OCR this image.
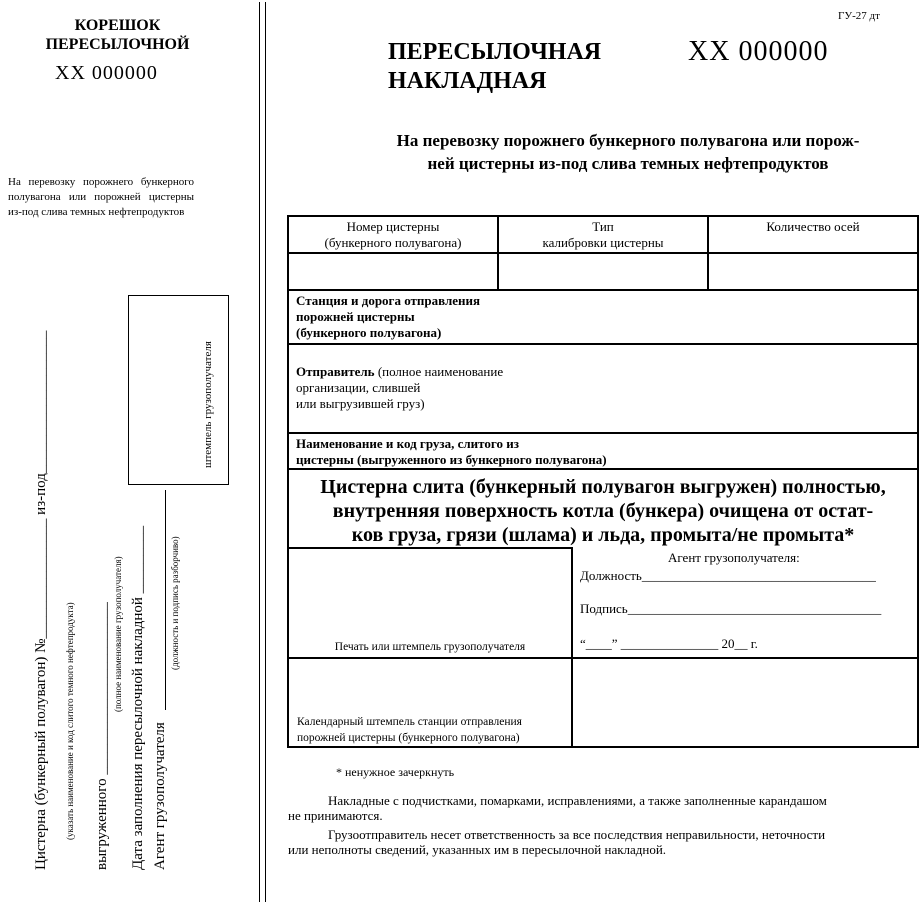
КОРЕШОК
ПЕРЕСЫЛОЧНОЙ
ХХ 000000
На перевозку порожнего бункерного полувагона или порожней цистерны из-под слива темных нефтепродуктов
Цистерна (бункерный полувагон) №________________ из-под___________________ (указать наименование и код слитого темного нефтепродукта) выгруженного _______________________ (полное наименование грузополучателя) Дата заполнения пересылочной накладной _________ Агент грузополучателя
(должность и подпись разборчиво)
штемпель грузополучателя
ГУ-27 дт
ПЕРЕСЫЛОЧНАЯ
НАКЛАДНАЯ
ХХ 000000
На перевозку порожнего бункерного полувагона или порож-
ней цистерны из-под слива темных нефтепродуктов
Номер цистерны
(бункерного полувагона)
Тип
калибровки цистерны
Количество осей
Станция и дорога отправления
порожней цистерны
(бункерного полувагона)
Отправитель (полное наименование
организации, слившей
или выгрузившей груз)
Наименование и код груза, слитого из
цистерны (выгруженного из бункерного полувагона)
Цистерна слита (бункерный полувагон выгружен) полностью,
внутренняя поверхность котла (бункера) очищена от остат-
ков груза, грязи (шлама) и льда, промыта/не промыта*
Печать или штемпель грузополучателя
Агент грузополучателя:
Должность____________________________________
Подпись_______________________________________
“____” _______________ 20__ г.
Календарный штемпель станции отправления
порожней цистерны (бункерного полувагона)
* ненужное зачеркнуть
Накладные с подчистками, помарками, исправлениями, а также заполненные карандашом
не принимаются.
Грузоотправитель несет ответственность за все последствия неправильности, неточности
или неполноты сведений, указанных им в пересылочной накладной.
